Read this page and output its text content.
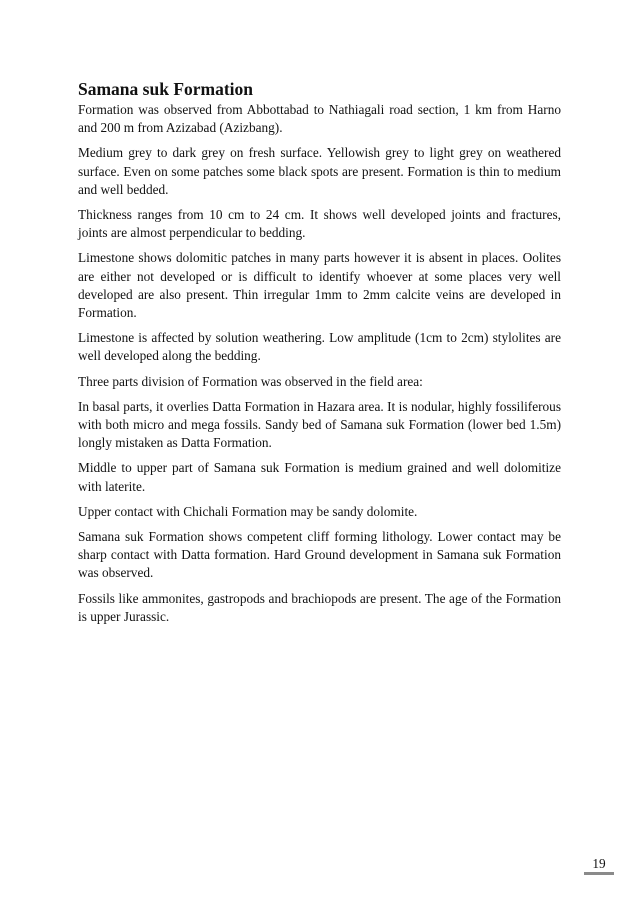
Samana suk Formation

Formation was observed from Abbottabad to Nathiagali road section, 1 km from Harno and 200 m from Azizabad (Azizbang).

Medium grey to dark grey on fresh surface. Yellowish grey to light grey on weathered surface. Even on some patches some black spots are present. Formation is thin to medium and well bedded.

Thickness ranges from 10 cm to 24 cm. It shows well developed joints and fractures, joints are almost perpendicular to bedding.

Limestone shows dolomitic patches in many parts however it is absent in places. Oolites are either not developed or is difficult to identify whoever at some places very well developed are also present. Thin irregular 1mm to 2mm calcite veins are developed in Formation.

Limestone is affected by solution weathering. Low amplitude (1cm to 2cm) stylolites are well developed along the bedding.

Three parts division of Formation was observed in the field area:

In basal parts, it overlies Datta Formation in Hazara area. It is nodular, highly fossiliferous with both micro and mega fossils. Sandy bed of Samana suk Formation (lower bed 1.5m) longly mistaken as Datta Formation.

Middle to upper part of Samana suk Formation is medium grained and well dolomitize with laterite.

Upper contact with Chichali Formation may be sandy dolomite.

Samana suk Formation shows competent cliff forming lithology. Lower contact may be sharp contact with Datta formation. Hard Ground development in Samana suk Formation was observed.

Fossils like ammonites, gastropods and brachiopods are present. The age of the Formation is upper Jurassic.

19
